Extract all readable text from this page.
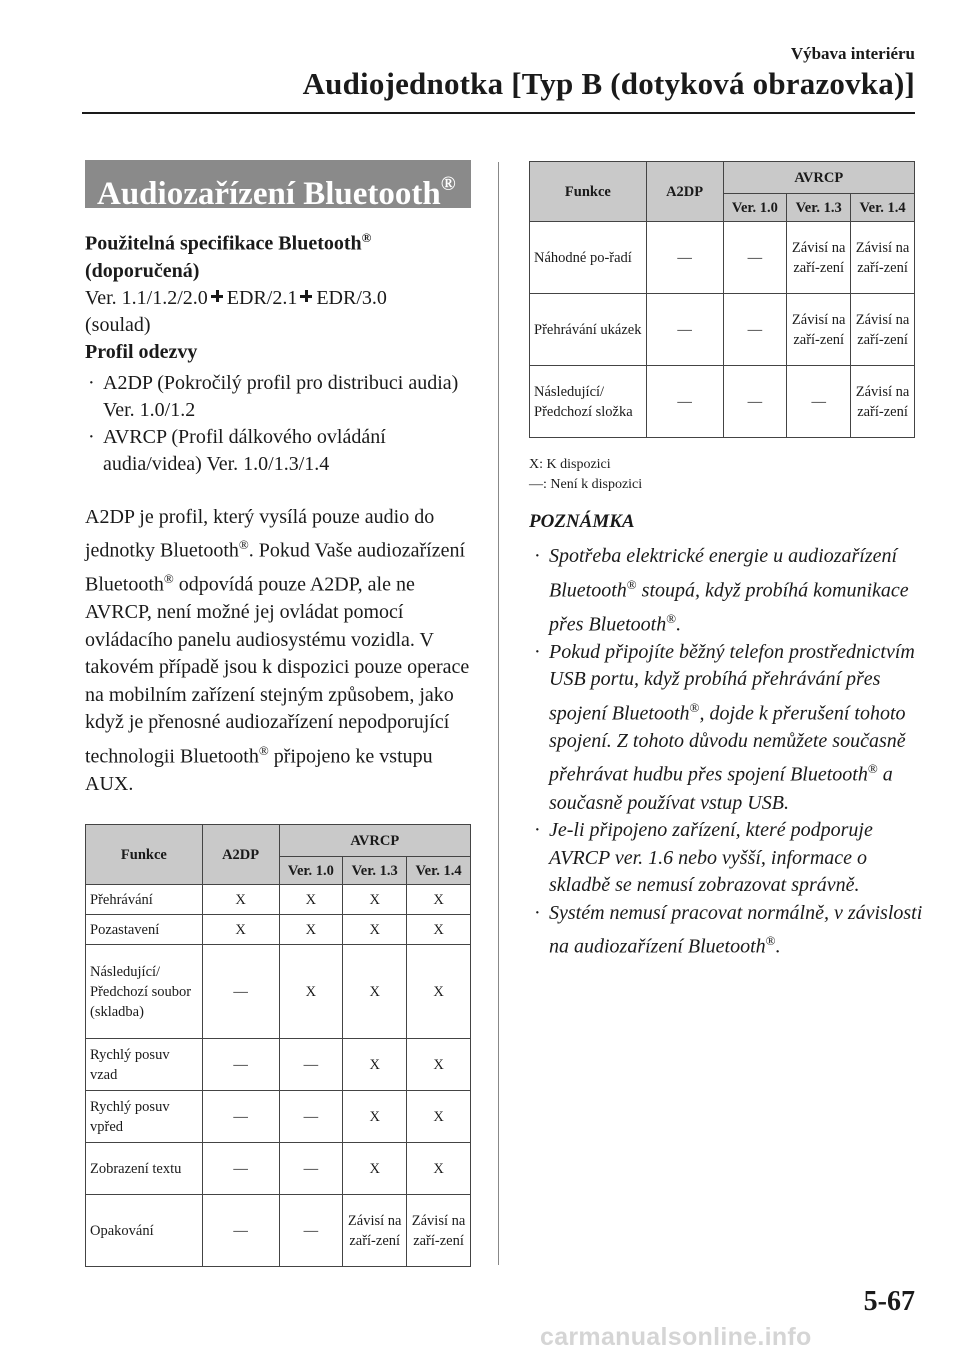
Výbava interiéru
Audiojednotka [Typ B (dotyková obrazovka)]
Audiozařízení Bluetooth®
Použitelná specifikace Bluetooth®
(doporučená)
Ver. 1.1/1.2/2.0 EDR/2.1 EDR/3.0
(soulad)
Profil odezvy
· A2DP (Pokročilý profil pro distribuci audia) Ver. 1.0/1.2
· AVRCP (Profil dálkového ovládání audia/videa) Ver. 1.0/1.3/1.4
A2DP je profil, který vysílá pouze audio do jednotky Bluetooth®. Pokud Vaše audiozařízení Bluetooth® odpovídá pouze A2DP, ale ne AVRCP, není možné jej ovládat pomocí ovládacího panelu audiosystému vozidla. V takovém případě jsou k dispozici pouze operace na mobilním zařízení stejným způsobem, jako když je přenosné audiozařízení nepodporující technologii Bluetooth® připojeno ke vstupu AUX.
Funkce	A2DP	AVRCP		
		Ver. 1.0	Ver. 1.3	Ver. 1.4
Přehrávání	X	X	X	X
Pozastavení	X	X	X	X
Následující/ Předchozí soubor (skladba)	—	X	X	X
Rychlý posuv vzad	—	—	X	X
Rychlý posuv vpřed	—	—	X	X
Zobrazení textu	—	—	X	X
Opakování	—	—	Závisí na zaří-zení	Závisí na zaří-zení
Funkce	A2DP	AVRCP		
		Ver. 1.0	Ver. 1.3	Ver. 1.4
Náhodné po-řadí	—	—	Závisí na zaří-zení	Závisí na zaří-zení
Přehrávání ukázek	—	—	Závisí na zaří-zení	Závisí na zaří-zení
Následující/ Předchozí složka	—	—	—	Závisí na zaří-zení
X: K dispozici
—: Není k dispozici
POZNÁMKA
· Spotřeba elektrické energie u audiozařízení Bluetooth® stoupá, když probíhá komunikace přes Bluetooth®.
· Pokud připojíte běžný telefon prostřednictvím USB portu, když probíhá přehrávání přes spojení Bluetooth®, dojde k přerušení tohoto spojení. Z tohoto důvodu nemůžete současně přehrávat hudbu přes spojení Bluetooth® a současně používat vstup USB.
· Je-li připojeno zařízení, které podporuje AVRCP ver. 1.6 nebo vyšší, informace o skladbě se nemusí zobrazovat správně.
· Systém nemusí pracovat normálně, v závislosti na audiozařízení Bluetooth®.
5-67
carmanualsonline.info
